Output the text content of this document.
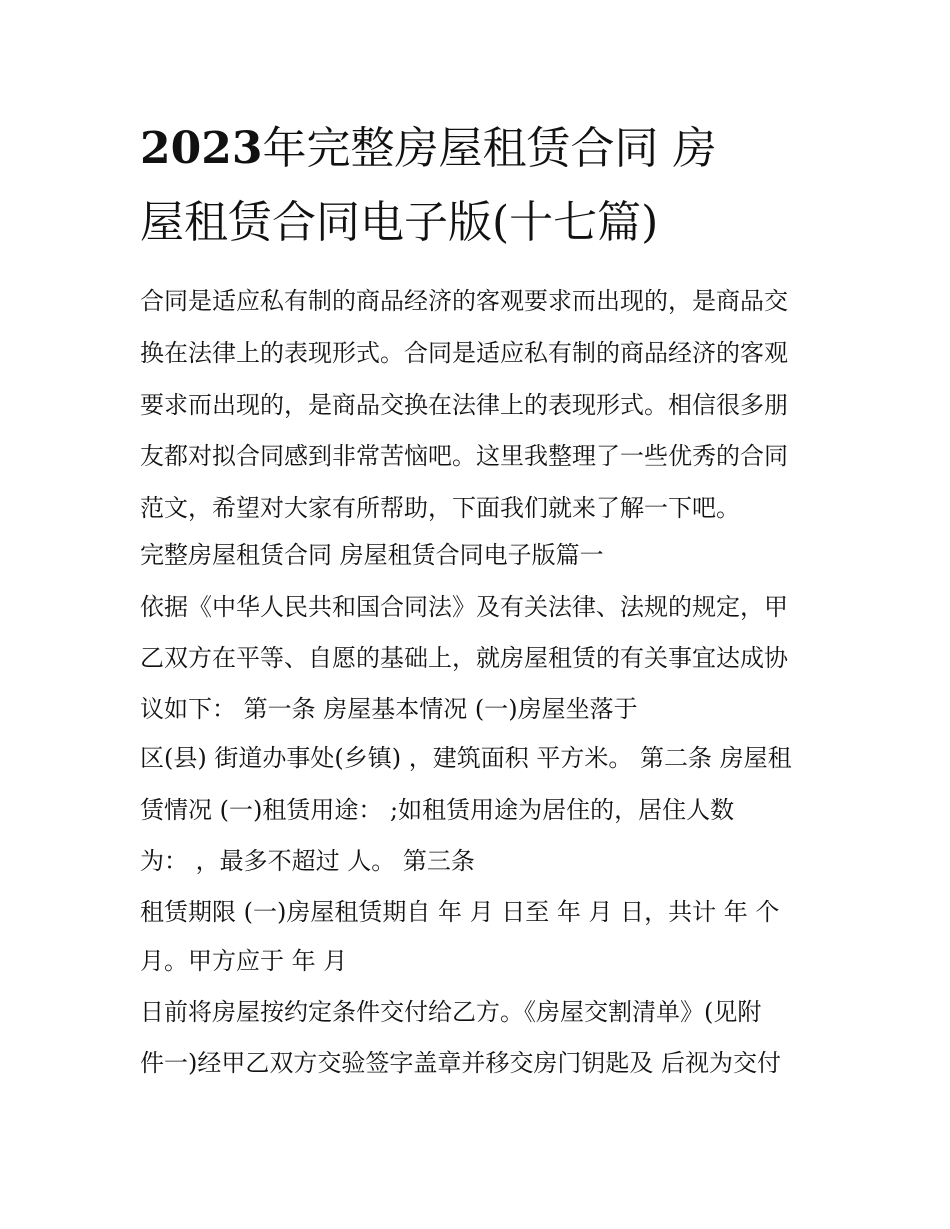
2023年完整房屋租赁合同 房
屋租赁合同电子版(十七篇)

合同是适应私有制的商品经济的客观要求而出现的，是商品交

换在法律上的表现形式。合同是适应私有制的商品经济的客观

要求而出现的，是商品交换在法律上的表现形式。相信很多朋

友都对拟合同感到非常苦恼吧。这里我整理了一些优秀的合同

范文，希望对大家有所帮助，下面我们就来了解一下吧。

完整房屋租赁合同 房屋租赁合同电子版篇一

依据《中华人民共和国合同法》及有关法律、法规的规定，甲

乙双方在平等、自愿的基础上，就房屋租赁的有关事宜达成协

议如下： 第一条 房屋基本情况 (一)房屋坐落于

区(县) 街道办事处(乡镇) ，建筑面积 平方米。 第二条 房屋租

赁情况 (一)租赁用途： ;如租赁用途为居住的，居住人数

为： ，最多不超过 人。 第三条

租赁期限 (一)房屋租赁期自 年 月 日至 年 月 日，共计 年 个

月。甲方应于 年 月

日前将房屋按约定条件交付给乙方。《房屋交割清单》(见附

件一)经甲乙双方交验签字盖章并移交房门钥匙及 后视为交付
